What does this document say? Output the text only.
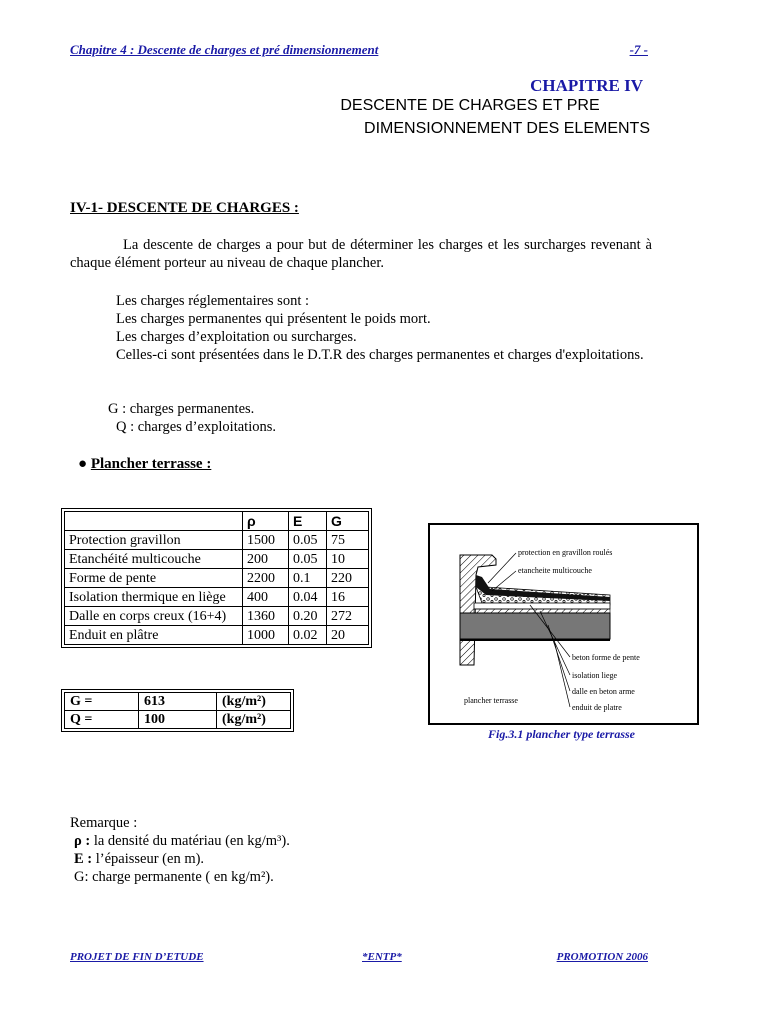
Chapitre 4 : Descente de charges et pré dimensionnement	-7 -
CHAPITRE IV
DESCENTE DE CHARGES ET PRE
DIMENSIONNEMENT DES ELEMENTS
IV-1- DESCENTE DE CHARGES :
La descente de charges a pour but de déterminer les charges et les surcharges revenant à chaque élément porteur au niveau de chaque plancher.
Les charges réglementaires sont :
Les charges permanentes qui présentent le poids mort.
Les charges d’exploitation ou surcharges.
Celles-ci sont présentées dans le D.T.R des charges permanentes et charges d'exploitations.
G : charges permanentes.
Q : charges d’exploitations.
● Plancher terrasse :
	ρ	E	G
Protection gravillon	1500	0.05	75
Etanchéité multicouche	200	0.05	10
Forme de pente	2200	0.1	220
Isolation thermique en liège	400	0.04	16
Dalle en corps creux (16+4)	1360	0.20	272
Enduit en plâtre	1000	0.02	20
G =	613	(kg/m²)
Q =	100	(kg/m²)
protection en gravillon roulés
etancheite multicouche
beton forme de pente
isolation liege
dalle en beton arme
enduit de platre
plancher terrasse
Fig.3.1 plancher type terrasse
Remarque :
ρ : la densité du matériau (en kg/m³).
E : l’épaisseur (en m).
G: charge permanente ( en kg/m²).
PROJET DE FIN D’ETUDE	*ENTP*	PROMOTION 2006
